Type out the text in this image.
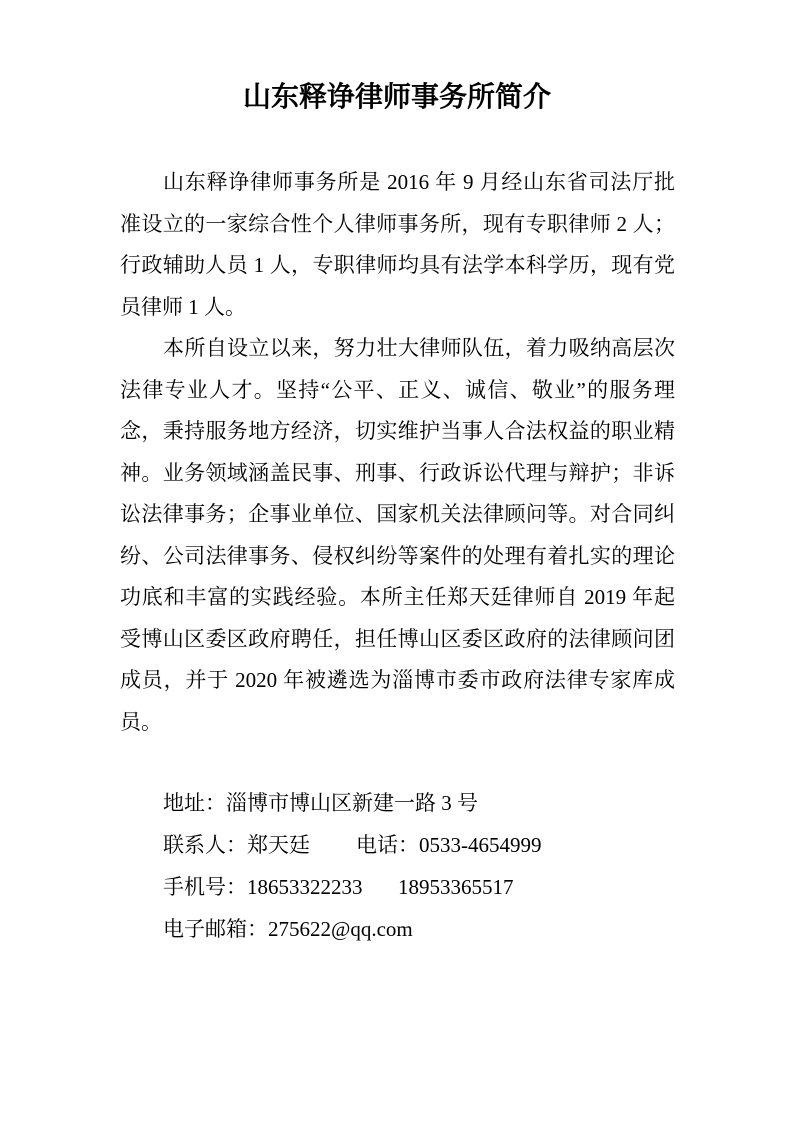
山东释诤律师事务所简介
山东释诤律师事务所是 2016 年 9 月经山东省司法厅批
准设立的一家综合性个人律师事务所，现有专职律师 2 人；
行政辅助人员 1 人，专职律师均具有法学本科学历，现有党
员律师 1 人。
本所自设立以来，努力壮大律师队伍，着力吸纳高层次
法律专业人才。坚持“公平、正义、诚信、敬业”的服务理
念，秉持服务地方经济，切实维护当事人合法权益的职业精
神。业务领域涵盖民事、刑事、行政诉讼代理与辩护；非诉
讼法律事务；企事业单位、国家机关法律顾问等。对合同纠
纷、公司法律事务、侵权纠纷等案件的处理有着扎实的理论
功底和丰富的实践经验。本所主任郑天廷律师自 2019 年起
受博山区委区政府聘任，担任博山区委区政府的法律顾问团
成员，并于 2020 年被遴选为淄博市委市政府法律专家库成
员。
地址：淄博市博山区新建一路 3 号
联系人：郑天廷 电话：0533-4654999
手机号：18653322233 18953365517
电子邮箱：275622@qq.com
